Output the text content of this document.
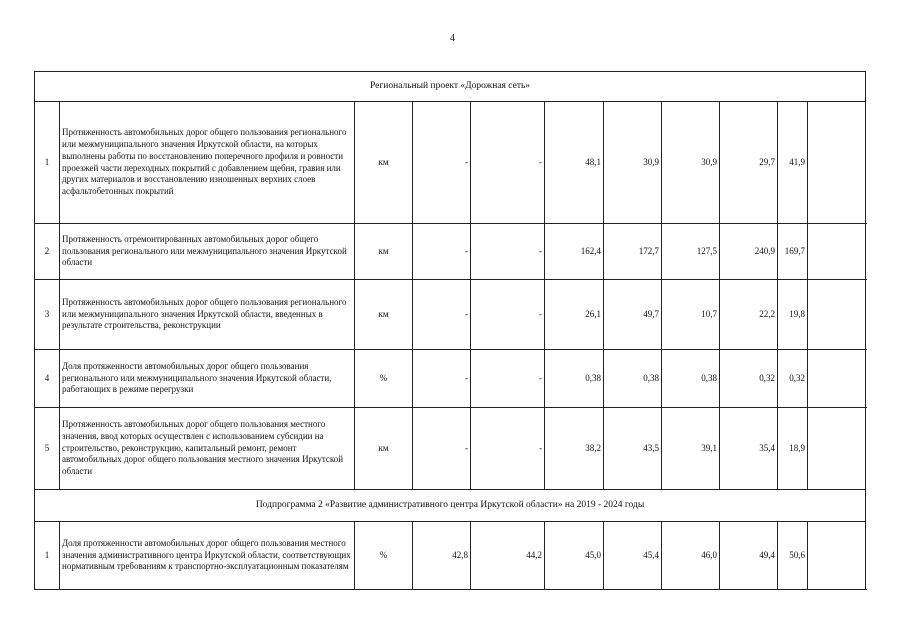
4
Региональный проект «Дорожная сеть»											
1	Протяженность автомобильных дорог общего пользования регионального или межмуниципального значения Иркутской области, на которых выполнены работы по восстановлению поперечного профиля и ровности проезжей части переходных покрытий с добавлением щебня, гравия или других материалов и восстановлению изношенных верхних слоев асфальтобетонных покрытий	км	-	-	48,1	30,9	30,9	29,7	41,9		
2	Протяженность отремонтированных автомобильных дорог общего пользования регионального или межмуниципального значения Иркутской области	км	-	-	162,4	172,7	127,5	240,9	169,7		
3	Протяженность автомобильных дорог общего пользования регионального или межмуниципального значения Иркутской области, введенных в результате строительства, реконструкции	км	-	-	26,1	49,7	10,7	22,2	19,8		
4	Доля протяженности автомобильных дорог общего пользования регионального или межмуниципального значения Иркутской области, работающих в режиме перегрузки	%	-	-	0,38	0,38	0,38	0,32	0,32		
5	Протяженность автомобильных дорог общего пользования местного значения, ввод которых осуществлен с использованием субсидии на строительство, реконструкцию, капитальный ремонт, ремонт автомобильных дорог общего пользования местного значения Иркутской области	км	-	-	38,2	43,5	39,1	35,4	18,9		
Подпрограмма 2 «Развитие административного центра Иркутской области» на 2019 - 2024 годы											
1	Доля протяженности автомобильных дорог общего пользования местного значения административного центра Иркутской области, соответствующих нормативным требованиям к транспортно-эксплуатационным показателям	%	42,8	44,2	45,0	45,4	46,0	49,4	50,6		
